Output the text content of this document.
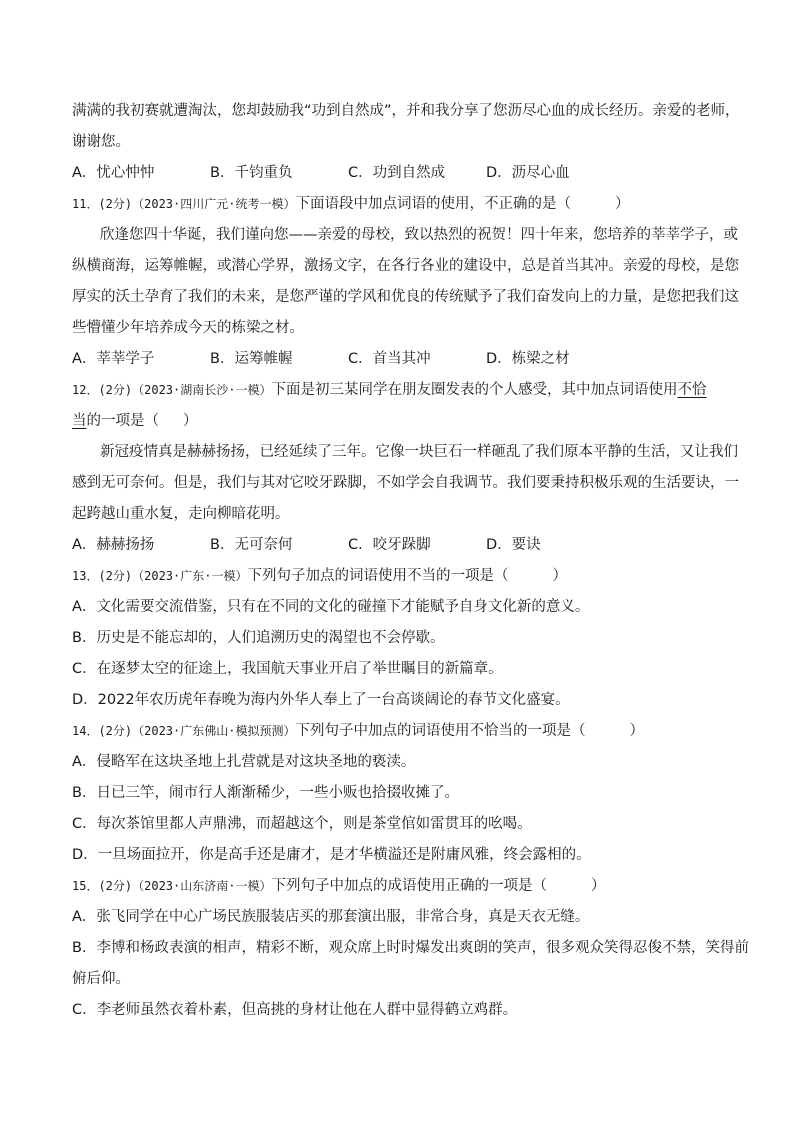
满满的我初赛就遭淘汰，您却鼓励我“功到自然成”，并和我分享了您沥尽心血的成长经历。亲爱的老师，
谢谢您。
A．忧心忡忡	B．千钧重负	C．功到自然成	D．沥尽心血
11．(2分)（2023·四川广元·统考一模）下面语段中加点词语的使用，不正确的是（	）
欣逢您四十华诞，我们谨向您——亲爱的母校，致以热烈的祝贺！四十年来，您培养的莘莘学子，或
纵横商海，运筹帷幄，或潜心学界，激扬文字，在各行各业的建设中，总是首当其冲。亲爱的母校，是您
厚实的沃土孕育了我们的未来，是您严谨的学风和优良的传统赋予了我们奋发向上的力量，是您把我们这
些懵懂少年培养成今天的栋梁之材。
A．莘莘学子	B．运筹帷幄	C．首当其冲	D．栋梁之材
12．(2分)（2023·湖南长沙·一模）下面是初三某同学在朋友圈发表的个人感受，其中加点词语使用不恰
当的一项是（ ）
新冠疫情真是赫赫扬扬，已经延续了三年。它像一块巨石一样砸乱了我们原本平静的生活，又让我们
感到无可奈何。但是，我们与其对它咬牙跺脚，不如学会自我调节。我们要秉持积极乐观的生活要诀，一
起跨越山重水复，走向柳暗花明。
A．赫赫扬扬	B．无可奈何	C．咬牙跺脚	D．要诀
13．(2分)（2023·广东·一模）下列句子加点的词语使用不当的一项是（	）
A．文化需要交流借鉴，只有在不同的文化的碰撞下才能赋予自身文化新的意义。
B．历史是不能忘却的，人们追溯历史的渴望也不会停歇。
C．在逐梦太空的征途上，我国航天事业开启了举世瞩目的新篇章。
D．2022年农历虎年春晚为海内外华人奉上了一台高谈阔论的春节文化盛宴。
14．(2分)（2023·广东佛山·模拟预测）下列句子中加点的词语使用不恰当的一项是（	）
A．侵略军在这块圣地上扎营就是对这块圣地的亵渎。
B．日已三竿，闹市行人渐渐稀少，一些小贩也拾掇收摊了。
C．每次茶馆里都人声鼎沸，而超越这个，则是茶堂倌如雷贯耳的吆喝。
D．一旦场面拉开，你是高手还是庸才，是才华横溢还是附庸风雅，终会露相的。
15．(2分)（2023·山东济南·一模）下列句子中加点的成语使用正确的一项是（	）
A．张飞同学在中心广场民族服装店买的那套演出服，非常合身，真是天衣无缝。
B．李博和杨政表演的相声，精彩不断，观众席上时时爆发出爽朗的笑声，很多观众笑得忍俊不禁，笑得前
俯后仰。
C．李老师虽然衣着朴素，但高挑的身材让他在人群中显得鹤立鸡群。
